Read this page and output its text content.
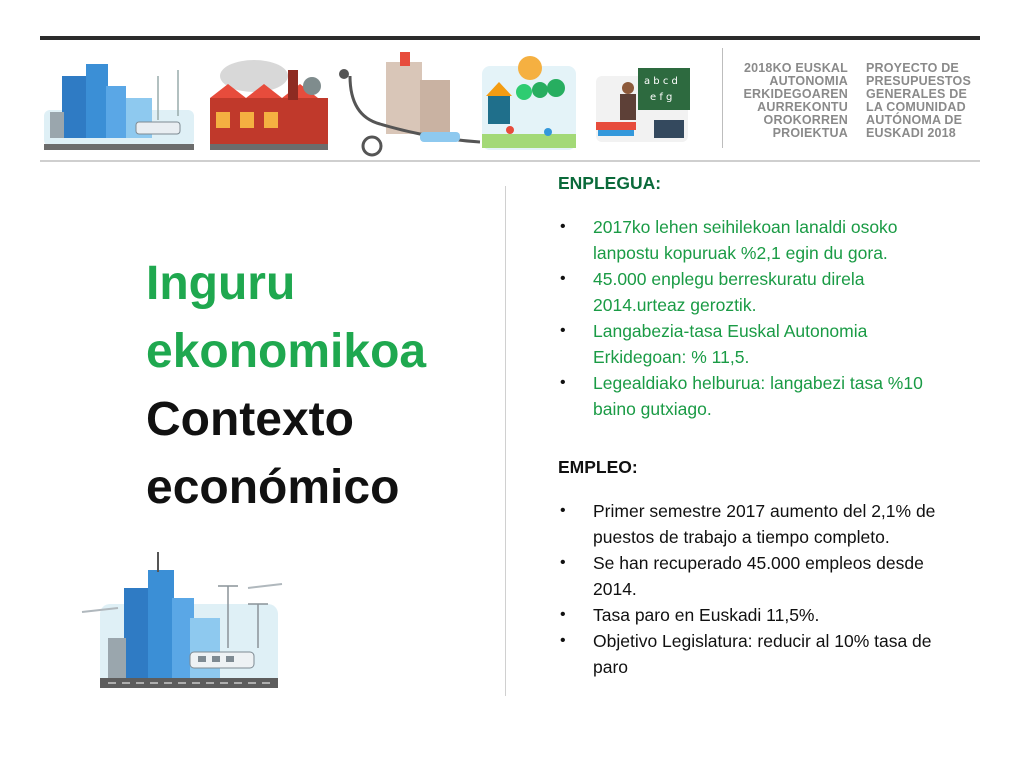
a b c d
e f g
2018KO EUSKAL
AUTONOMIA
ERKIDEGOAREN
AURREKONTU
OROKORREN
PROIEKTUA
PROYECTO DE
PRESUPUESTOS
GENERALES DE
LA COMUNIDAD
AUTÓNOMA DE
EUSKADI 2018
Inguru
ekonomikoa
Contexto
económico

ENPLEGUA:

• 2017ko lehen seihilekoan lanaldi osoko lanpostu kopuruak %2,1 egin du gora.
• 45.000 enplegu berreskuratu direla 2014.urteaz geroztik.
• Langabezia-tasa Euskal Autonomia Erkidegoan: % 11,5.
• Legealdiako helburua: langabezi tasa %10 baino gutxiago.

EMPLEO:

• Primer semestre 2017 aumento del 2,1% de puestos de trabajo a tiempo completo.
• Se han recuperado 45.000 empleos desde 2014.
• Tasa paro en Euskadi 11,5%.
• Objetivo Legislatura: reducir al 10% tasa de paro
